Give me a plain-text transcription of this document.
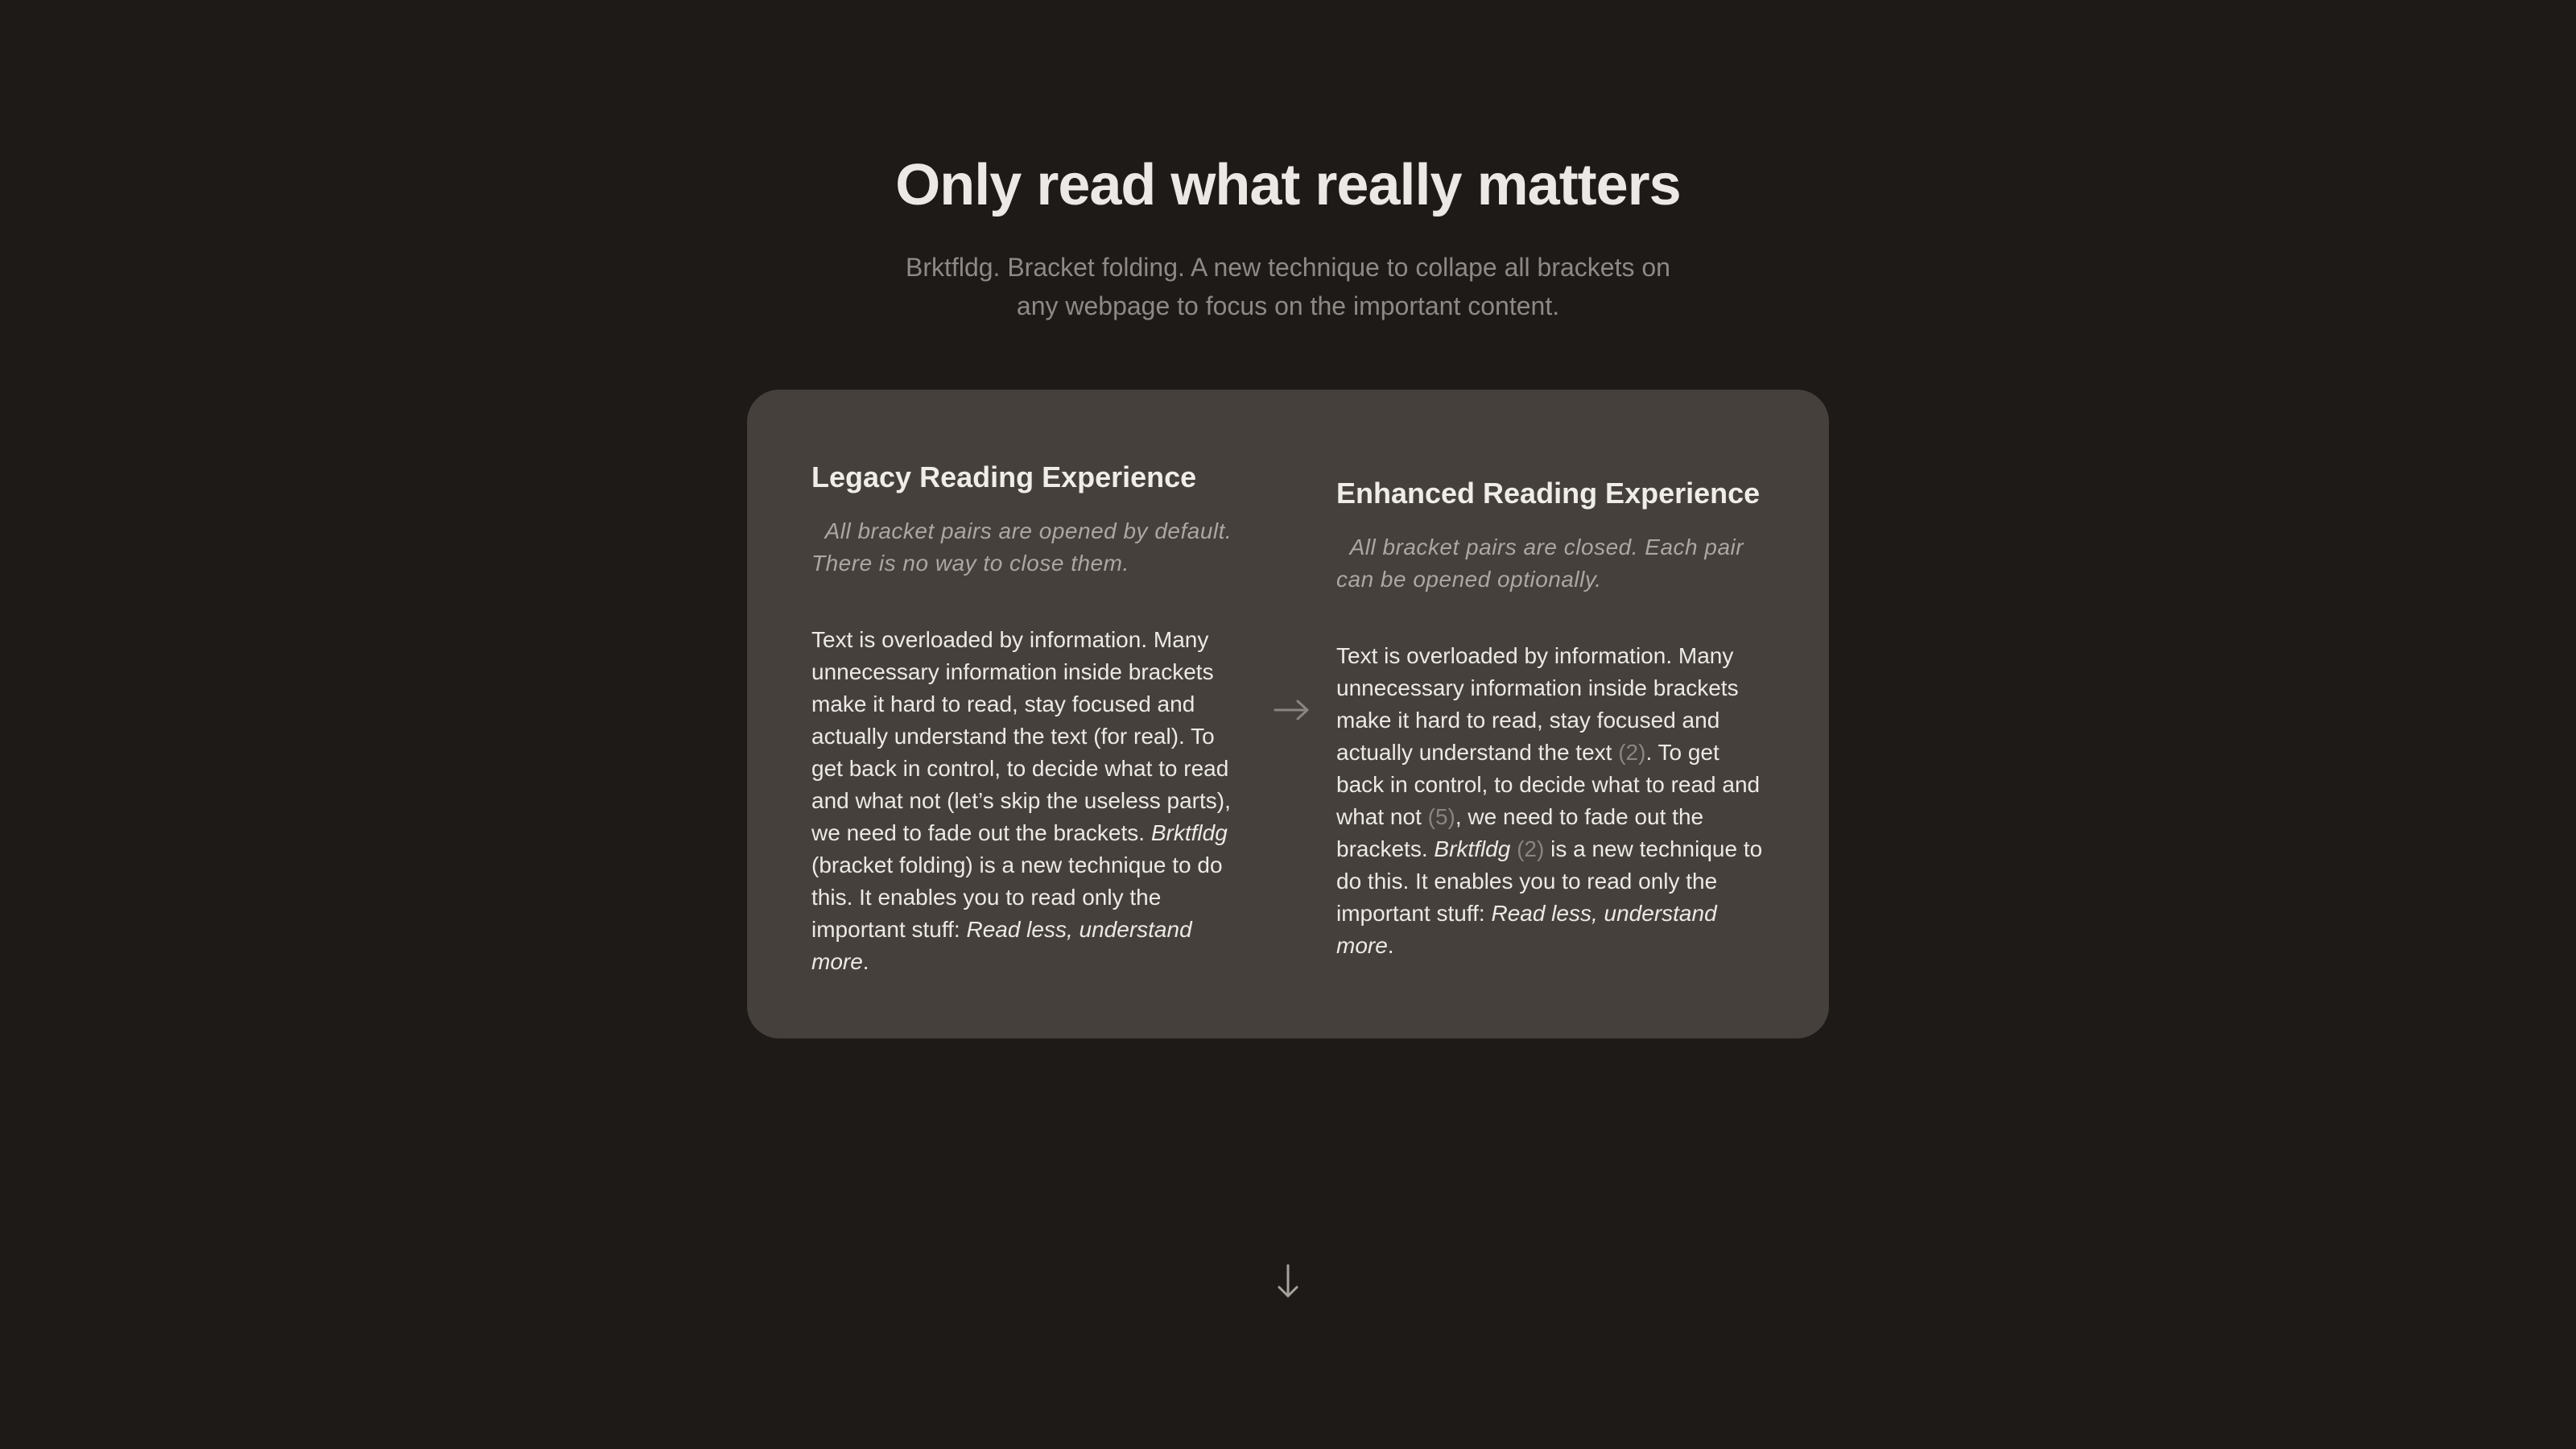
Only read what really matters

Brktfldg. Bracket folding. A new technique to collape all brackets on any webpage to focus on the important content.

Legacy Reading Experience

All bracket pairs are opened by default. There is no way to close them.

Text is overloaded by information. Many unnecessary information inside brackets make it hard to read, stay focused and actually understand the text (for real). To get back in control, to decide what to read and what not (let’s skip the useless parts), we need to fade out the brackets. Brktfldg (bracket folding) is a new technique to do this. It enables you to read only the important stuff: Read less, understand more.

Enhanced Reading Experience

All bracket pairs are closed. Each pair can be opened optionally.

Text is overloaded by information. Many unnecessary information inside brackets make it hard to read, stay focused and actually understand the text (2). To get back in control, to decide what to read and what not (5), we need to fade out the brackets. Brktfldg (2) is a new technique to do this. It enables you to read only the important stuff: Read less, understand more.
